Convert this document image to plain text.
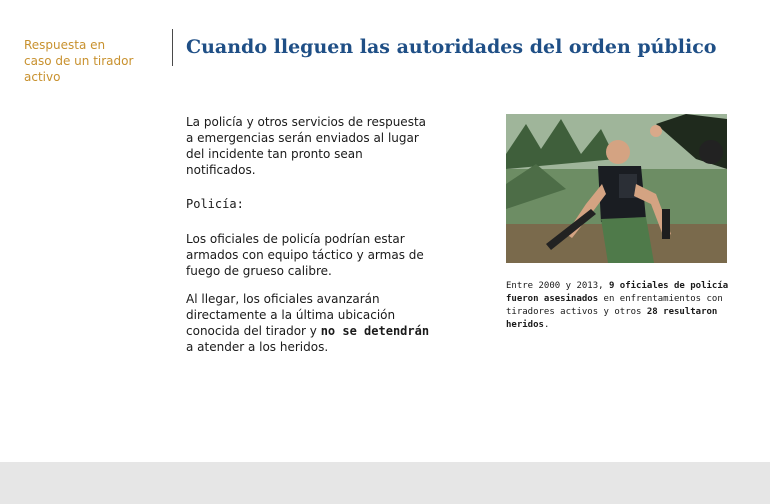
Respuesta en caso de un tirador activo
Cuando lleguen las autoridades del orden público
La policía y otros servicios de respuesta a emergencias serán enviados al lugar del incidente tan pronto sean notificados.
Policía:
Los oficiales de policía podrían estar armados con equipo táctico y armas de fuego de grueso calibre.
Al llegar, los oficiales avanzarán directamente a la última ubicación conocida del tirador y no se detendrán a atender a los heridos.
Entre 2000 y 2013, 9 oficiales de policía fueron asesinados en enfrentamientos con tiradores activos y otros 28 resultaron heridos.
